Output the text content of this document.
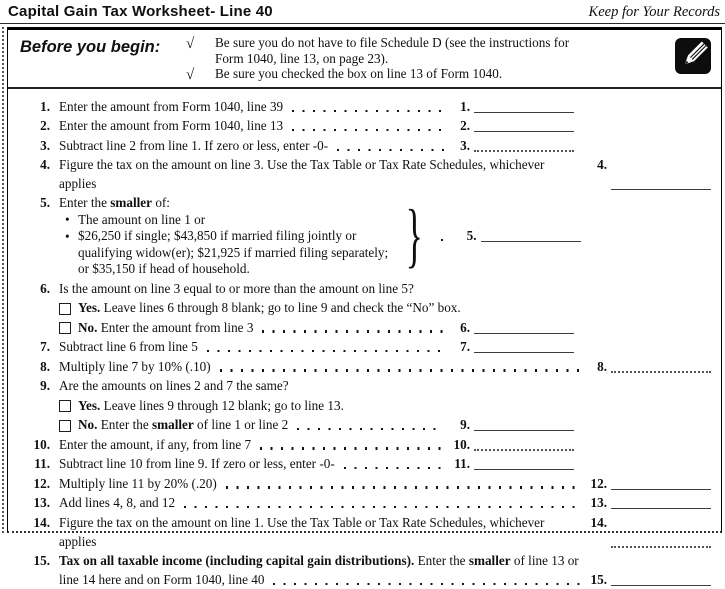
Capital Gain Tax Worksheet- Line 40	Keep for Your Records
Before you begin:	√	Be sure you do not have to file Schedule D (see the instructions for
Form 1040, line 13, on page 23).
√	Be sure you checked the box on line 13 of Form 1040.
1. Enter the amount from Form 1040, line 39	1.
2. Enter the amount from Form 1040, line 13	2.
3. Subtract line 2 from line 1. If zero or less, enter -0-	3.
4. Figure the tax on the amount on line 3. Use the Tax Table or Tax Rate Schedules, whichever applies
4.
5. Enter the smaller of:
• The amount on line 1 or
• $26,250 if single; $43,850 if married filing jointly or
qualifying widow(er); $21,925 if married filing separately;
or $35,150 if head of household.	}	5.
6. Is the amount on line 3 equal to or more than the amount on line 5?
Yes. Leave lines 6 through 8 blank; go to line 9 and check the “No” box.
No. Enter the amount from line 3	6.
7. Subtract line 6 from line 5	7.
8. Multiply line 7 by 10% (.10)	8.
9. Are the amounts on lines 2 and 7 the same?
Yes. Leave lines 9 through 12 blank; go to line 13.
No. Enter the smaller of line 1 or line 2	9.
10. Enter the amount, if any, from line 7	10.
11. Subtract line 10 from line 9. If zero or less, enter -0-	11.
12. Multiply line 11 by 20% (.20)	12.
13. Add lines 4, 8, and 12	13.
14. Figure the tax on the amount on line 1. Use the Tax Table or Tax Rate Schedules, whichever applies
14.
15. Tax on all taxable income (including capital gain distributions). Enter the smaller of line 13 or
line 14 here and on Form 1040, line 40	15.
